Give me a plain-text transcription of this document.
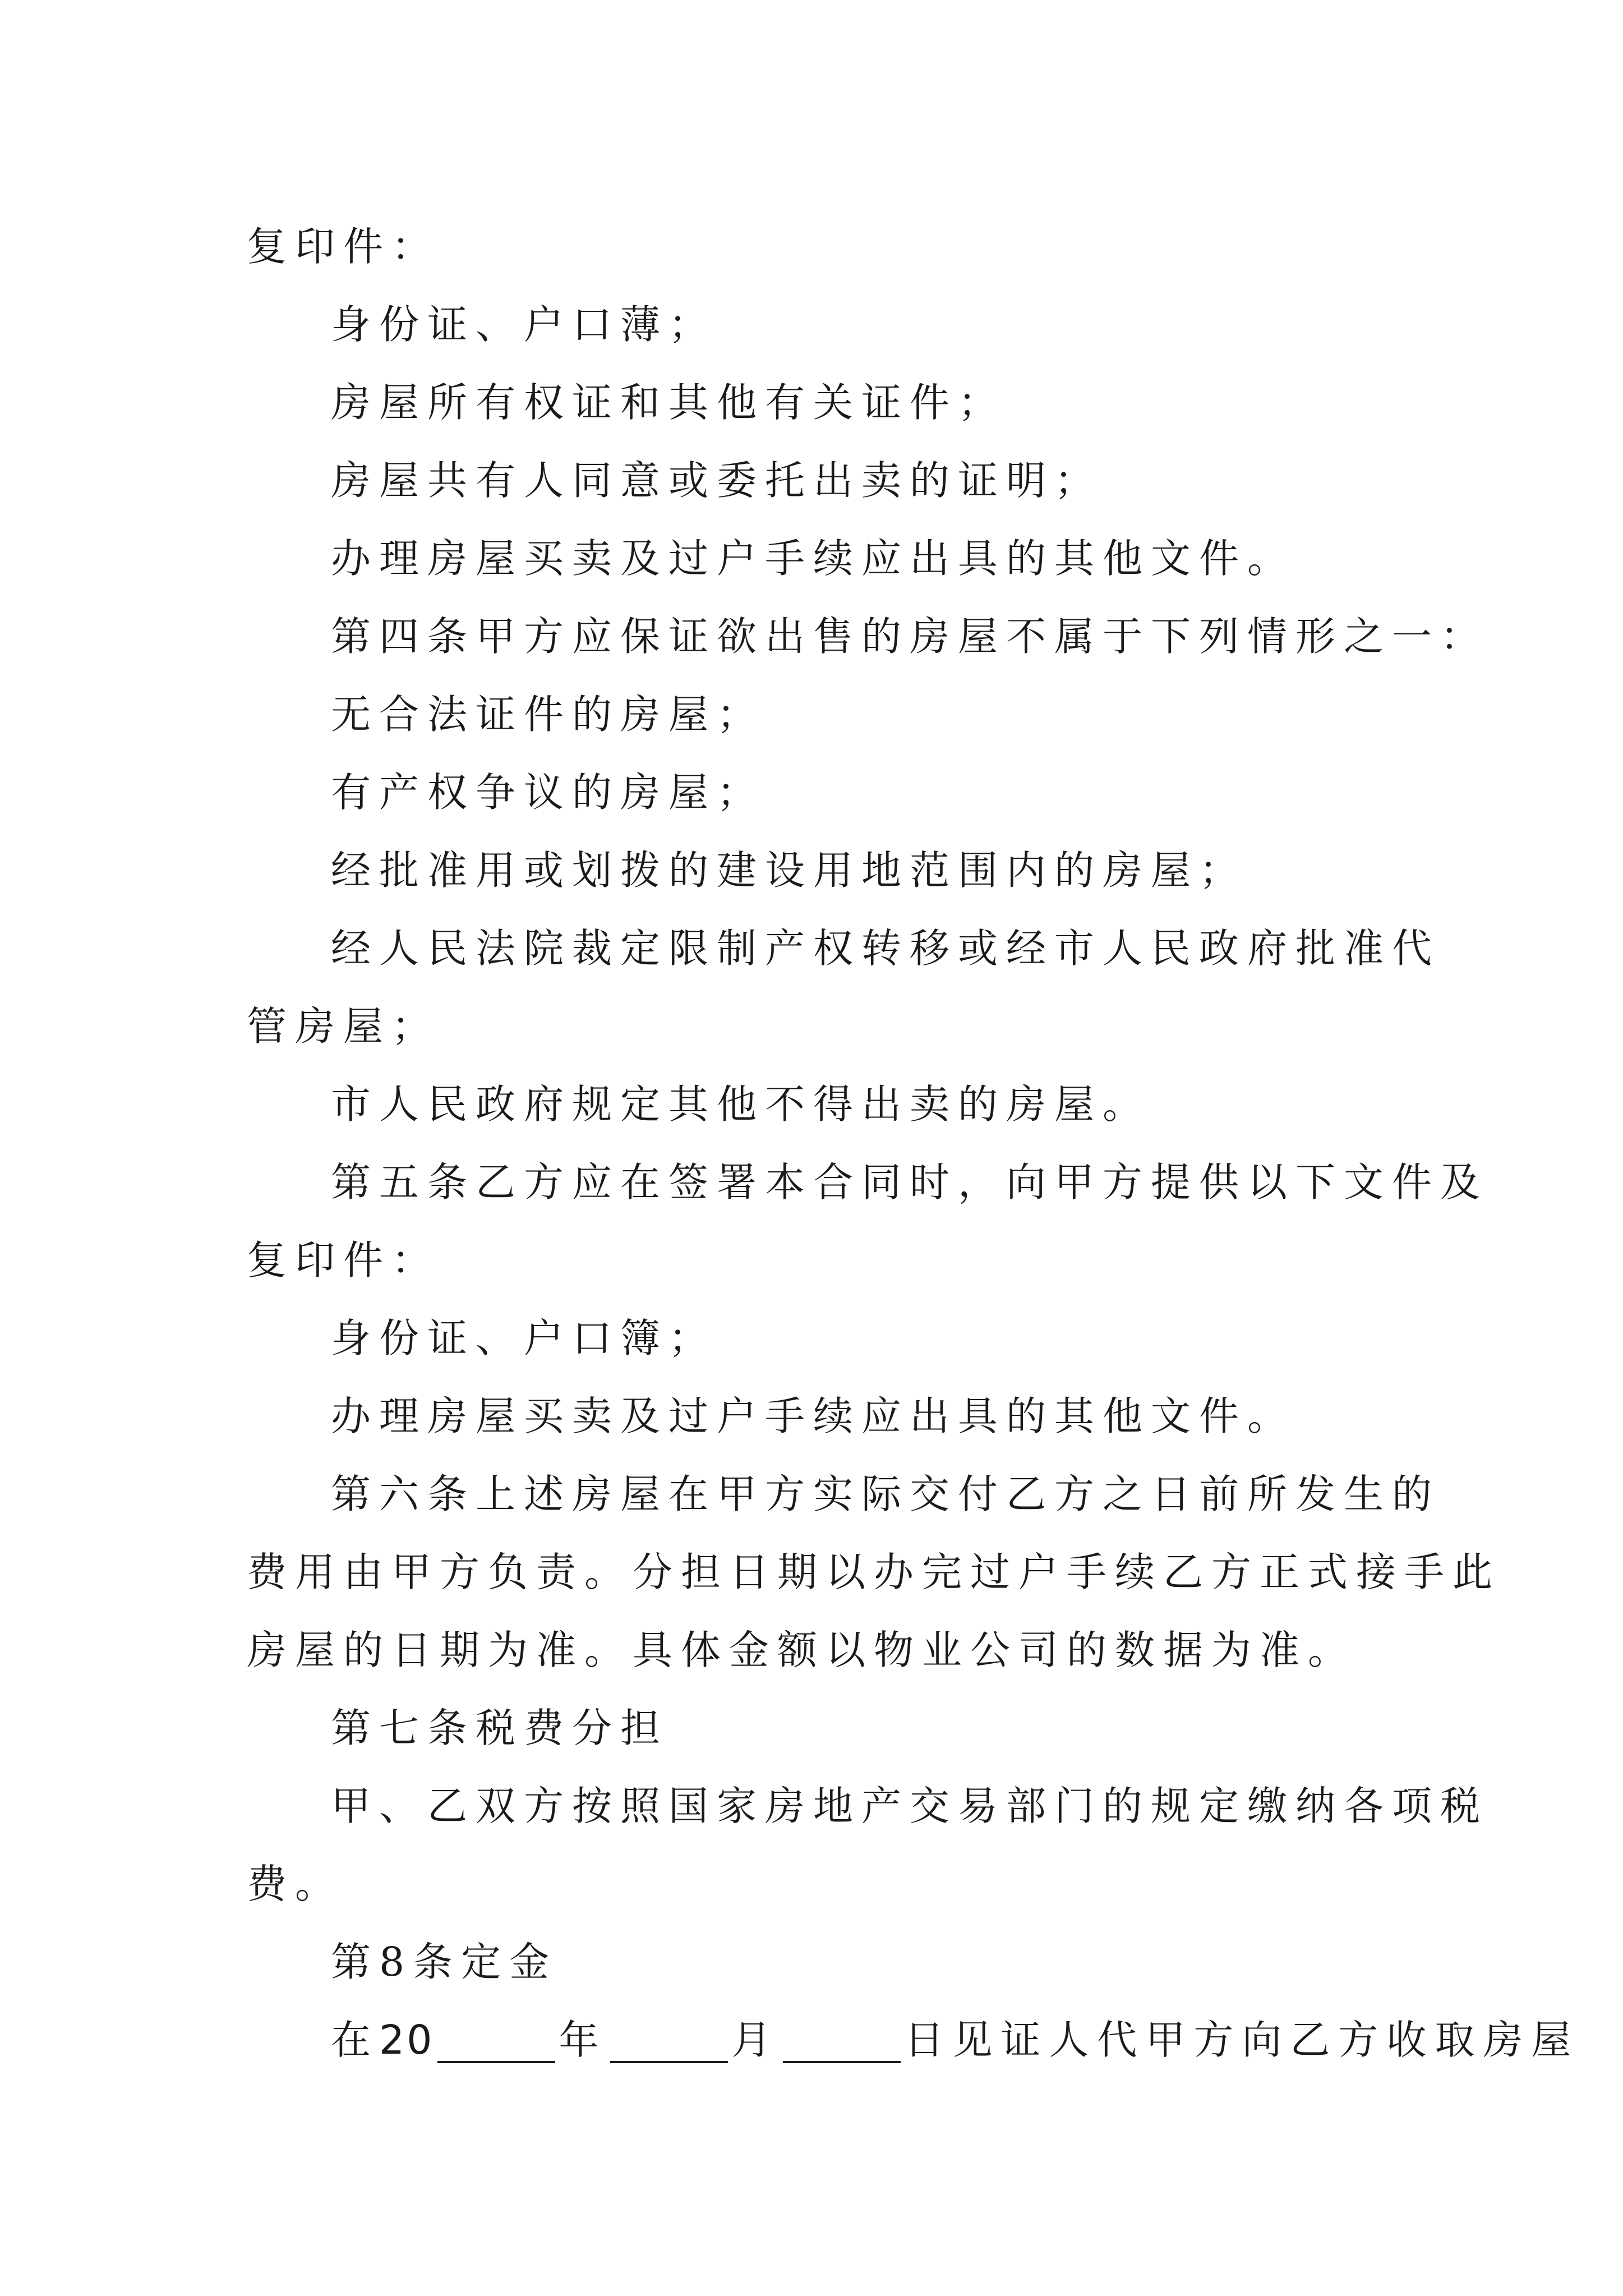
复印件：
身份证、户口薄；
房屋所有权证和其他有关证件；
房屋共有人同意或委托出卖的证明；
办理房屋买卖及过户手续应出具的其他文件。
第四条甲方应保证欲出售的房屋不属于下列情形之一：
无合法证件的房屋；
有产权争议的房屋；
经批准用或划拨的建设用地范围内的房屋；
经人民法院裁定限制产权转移或经市人民政府批准代
管房屋；
市人民政府规定其他不得出卖的房屋。
第五条乙方应在签署本合同时，向甲方提供以下文件及
复印件：
身份证、户口簿；
办理房屋买卖及过户手续应出具的其他文件。
第六条上述房屋在甲方实际交付乙方之日前所发生的
费用由甲方负责。分担日期以办完过户手续乙方正式接手此
房屋的日期为准。具体金额以物业公司的数据为准。
第七条税费分担
甲、乙双方按照国家房地产交易部门的规定缴纳各项税
费。
第8条定金
在20	年	月	日见证人代甲方向乙方收取房屋
